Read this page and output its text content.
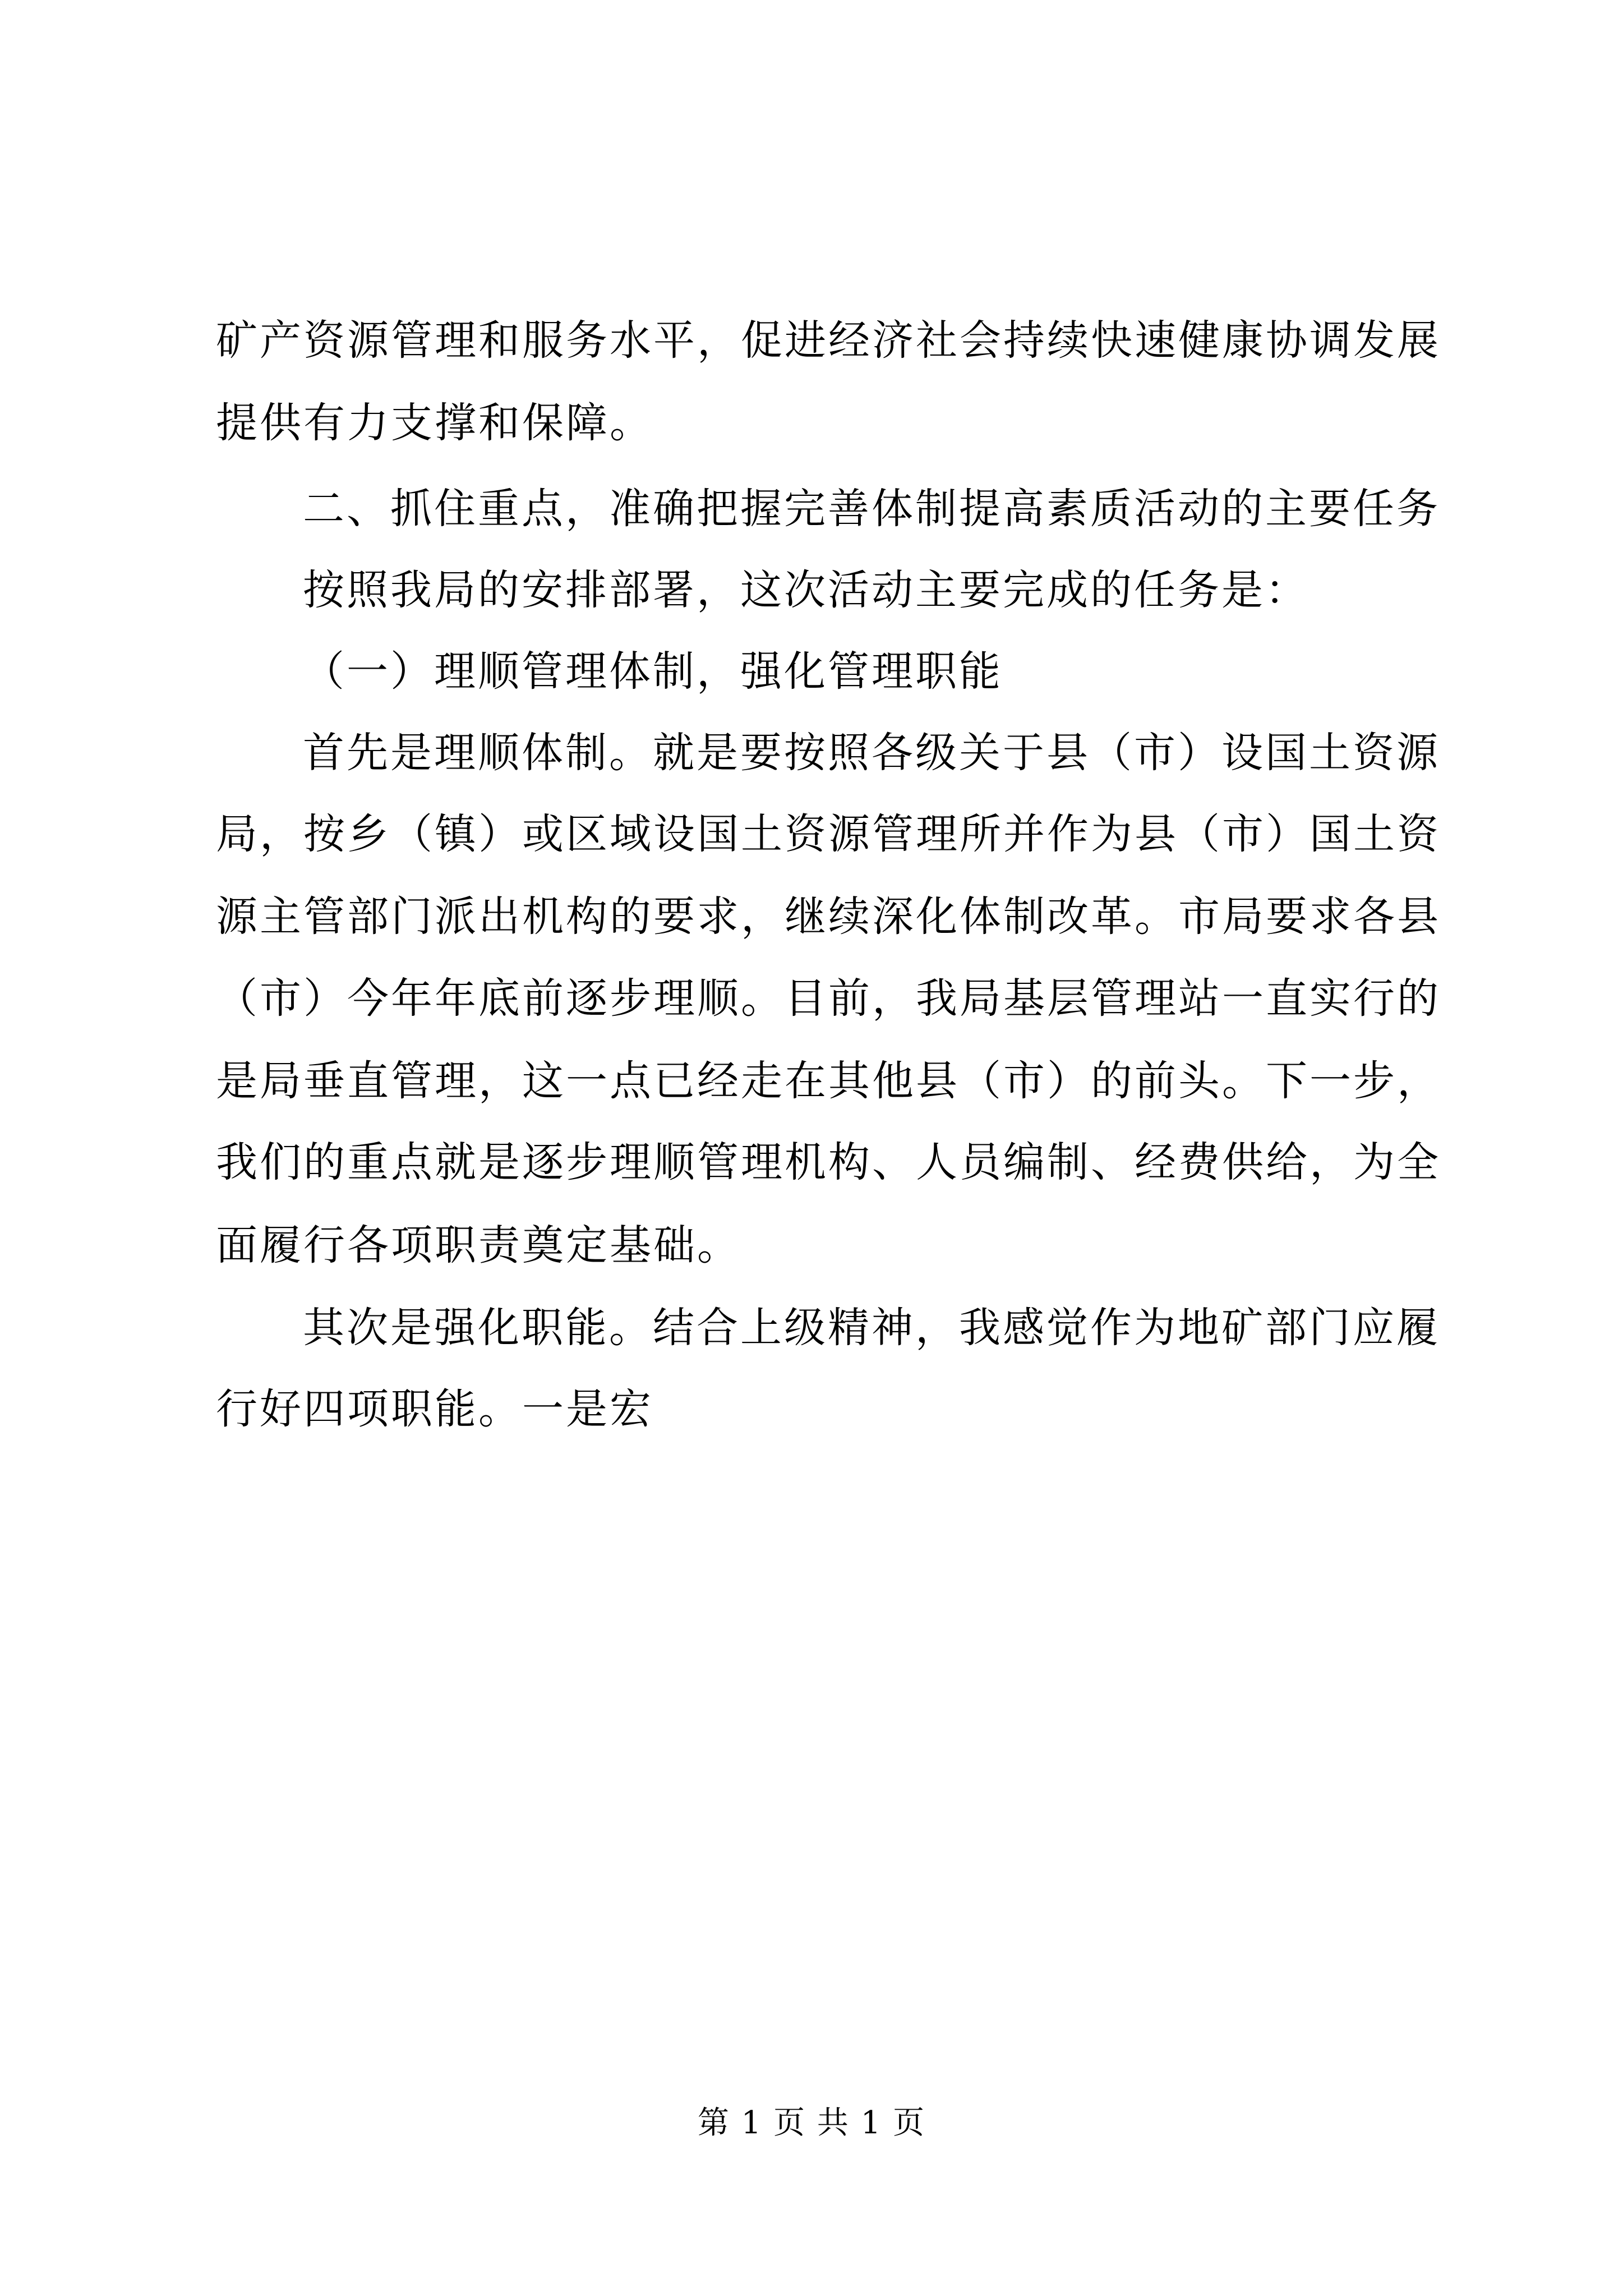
矿产资源管理和服务水平，促进经济社会持续快速健康协调发展
提供有力支撑和保障。
二、抓住重点，准确把握完善体制提高素质活动的主要任务
按照我局的安排部署，这次活动主要完成的任务是：
（一）理顺管理体制，强化管理职能
首先是理顺体制。就是要按照各级关于县（市）设国土资源
局，按乡（镇）或区域设国土资源管理所并作为县（市）国土资
源主管部门派出机构的要求，继续深化体制改革。市局要求各县
（市）今年年底前逐步理顺。目前，我局基层管理站一直实行的
是局垂直管理，这一点已经走在其他县（市）的前头。下一步，
我们的重点就是逐步理顺管理机构、人员编制、经费供给，为全
面履行各项职责奠定基础。
其次是强化职能。结合上级精神，我感觉作为地矿部门应履
行好四项职能。一是宏
第 1 页 共 1 页
